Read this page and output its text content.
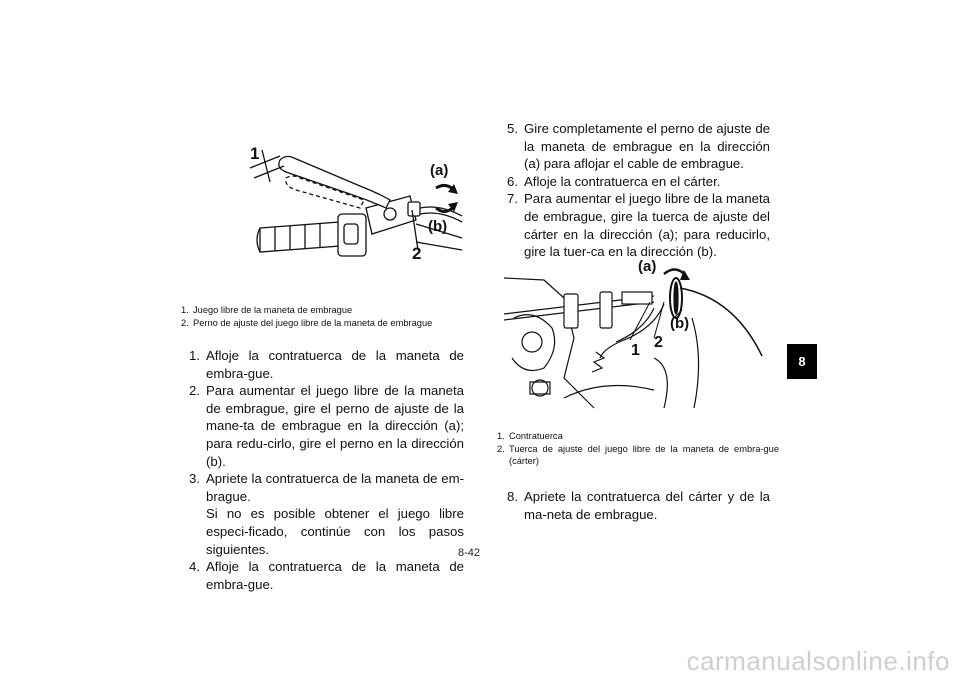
1
(a)
(b)
2
1. Juego libre de la maneta de embrague
2. Perno de ajuste del juego libre de la maneta de embrague
1. Afloje la contratuerca de la maneta de embra-gue.
2. Para aumentar el juego libre de la maneta de embrague, gire el perno de ajuste de la mane-ta de embrague en la dirección (a); para redu-cirlo, gire el perno en la dirección (b).
3. Apriete la contratuerca de la maneta de em-brague.
Si no es posible obtener el juego libre especi-ficado, continúe con los pasos siguientes.
4. Afloje la contratuerca de la maneta de embra-gue.
5. Gire completamente el perno de ajuste de la maneta de embrague en la dirección (a) para aflojar el cable de embrague.
6. Afloje la contratuerca en el cárter.
7. Para aumentar el juego libre de la maneta de embrague, gire la tuerca de ajuste del cárter en la dirección (a); para reducirlo, gire la tuer-ca en la dirección (b).
(a)
(b)
1 2
1. Contratuerca
2. Tuerca de ajuste del juego libre de la maneta de embra-gue (cárter)
8. Apriete la contratuerca del cárter y de la ma-neta de embrague.
8
8-42
carmanualsonline.info
